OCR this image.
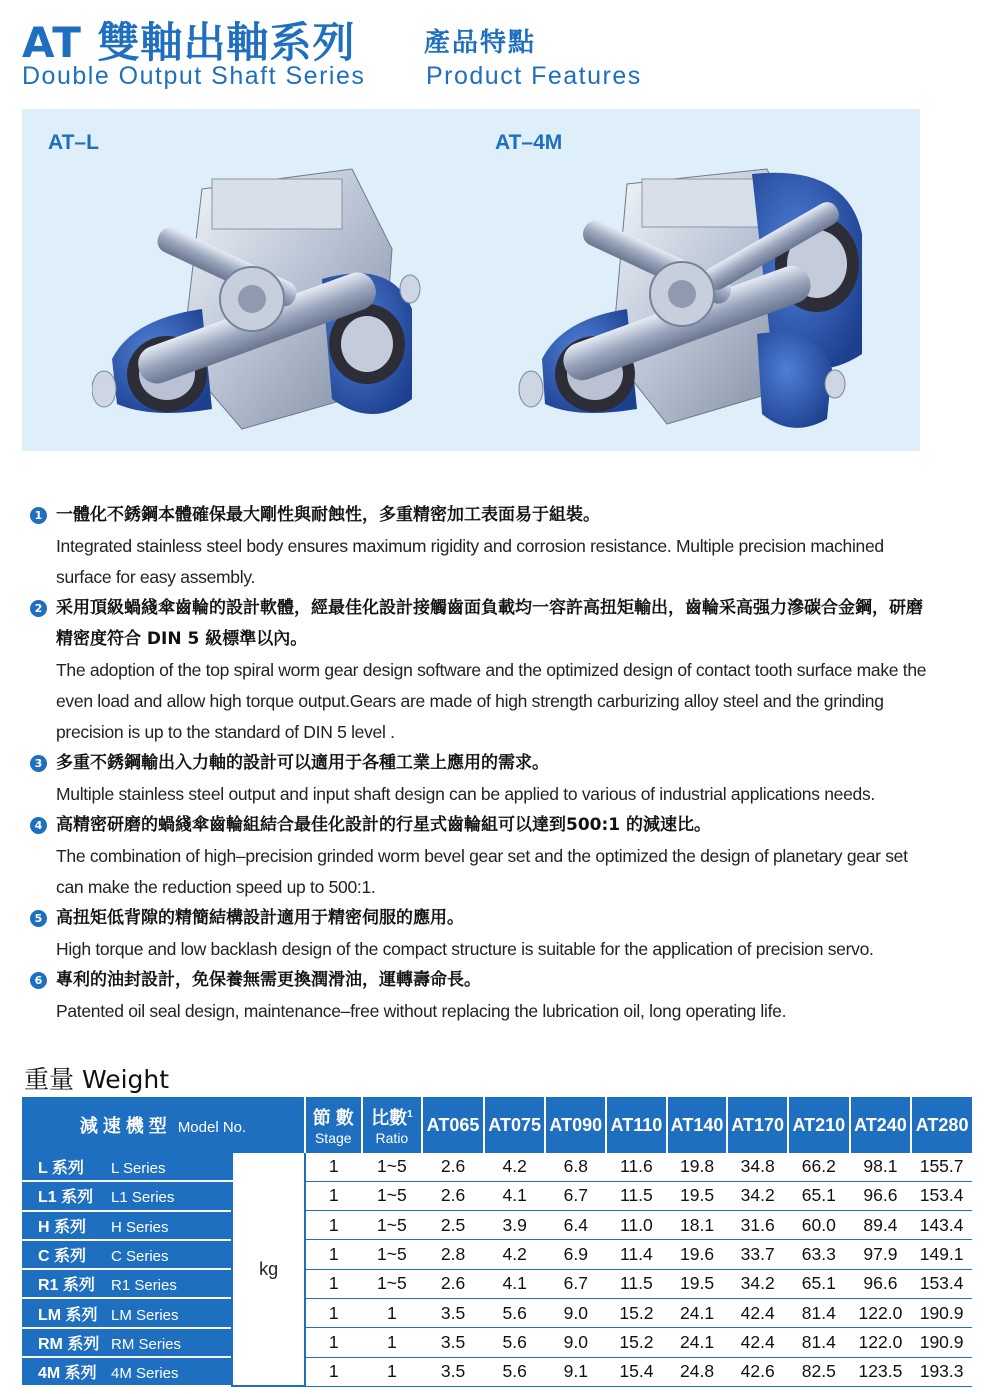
AT 雙軸出軸系列
Double Output Shaft Series
產品特點
Product Features
AT–L	AT–4M
1 一體化不銹鋼本體確保最大剛性與耐蝕性，多重精密加工表面易于組裝。
Integrated stainless steel body ensures maximum rigidity and corrosion resistance. Multiple precision machined surface for easy assembly.
2 采用頂級蝸綫傘齒輪的設計軟體，經最佳化設計接觸齒面負載均一容許高扭矩輸出，齒輪采高强力滲碳合金鋼，研磨精密度符合 DIN 5 級標準以內。
The adoption of the top spiral worm gear design software and the optimized design of contact tooth surface make the even load and allow high torque output.Gears are made of high strength carburizing alloy steel and the grinding precision is up to the standard of DIN 5 level .
3 多重不銹鋼輸出入力軸的設計可以適用于各種工業上應用的需求。
Multiple stainless steel output and input shaft design can be applied to various of industrial applications needs.
4 高精密研磨的蝸綫傘齒輪組結合最佳化設計的行星式齒輪組可以達到500:1 的減速比。
The combination of high–precision grinded worm bevel gear set and the optimized the design of planetary gear set can make the reduction speed up to 500:1.
5 高扭矩低背隙的精簡結構設計適用于精密伺服的應用。
High torque and low backlash design of the compact structure is suitable for the application of precision servo.
6 專利的油封設計，免保養無需更換潤滑油，運轉壽命長。
Patented oil seal design, maintenance–free without replacing the lubrication oil, long operating life.
重量 Weight
減 速 機 型 Model No.		節 數
Stage	比數$^1$
Ratio	AT065	AT075	AT090	AT110	AT140	AT170	AT210	AT240	AT280
L 系列 L Series	kg	1	1~5	2.6	4.2	6.8	11.6	19.8	34.8	66.2	98.1	155.7
L1 系列 L1 Series		1	1~5	2.6	4.1	6.7	11.5	19.5	34.2	65.1	96.6	153.4
H 系列 H Series		1	1~5	2.5	3.9	6.4	11.0	18.1	31.6	60.0	89.4	143.4
C 系列 C Series		1	1~5	2.8	4.2	6.9	11.4	19.6	33.7	63.3	97.9	149.1
R1 系列 R1 Series		1	1~5	2.6	4.1	6.7	11.5	19.5	34.2	65.1	96.6	153.4
LM 系列 LM Series		1	1	3.5	5.6	9.0	15.2	24.1	42.4	81.4	122.0	190.9
RM 系列 RM Series		1	1	3.5	5.6	9.0	15.2	24.1	42.4	81.4	122.0	190.9
4M 系列 4M Series		1	1	3.5	5.6	9.1	15.4	24.8	42.6	82.5	123.5	193.3
